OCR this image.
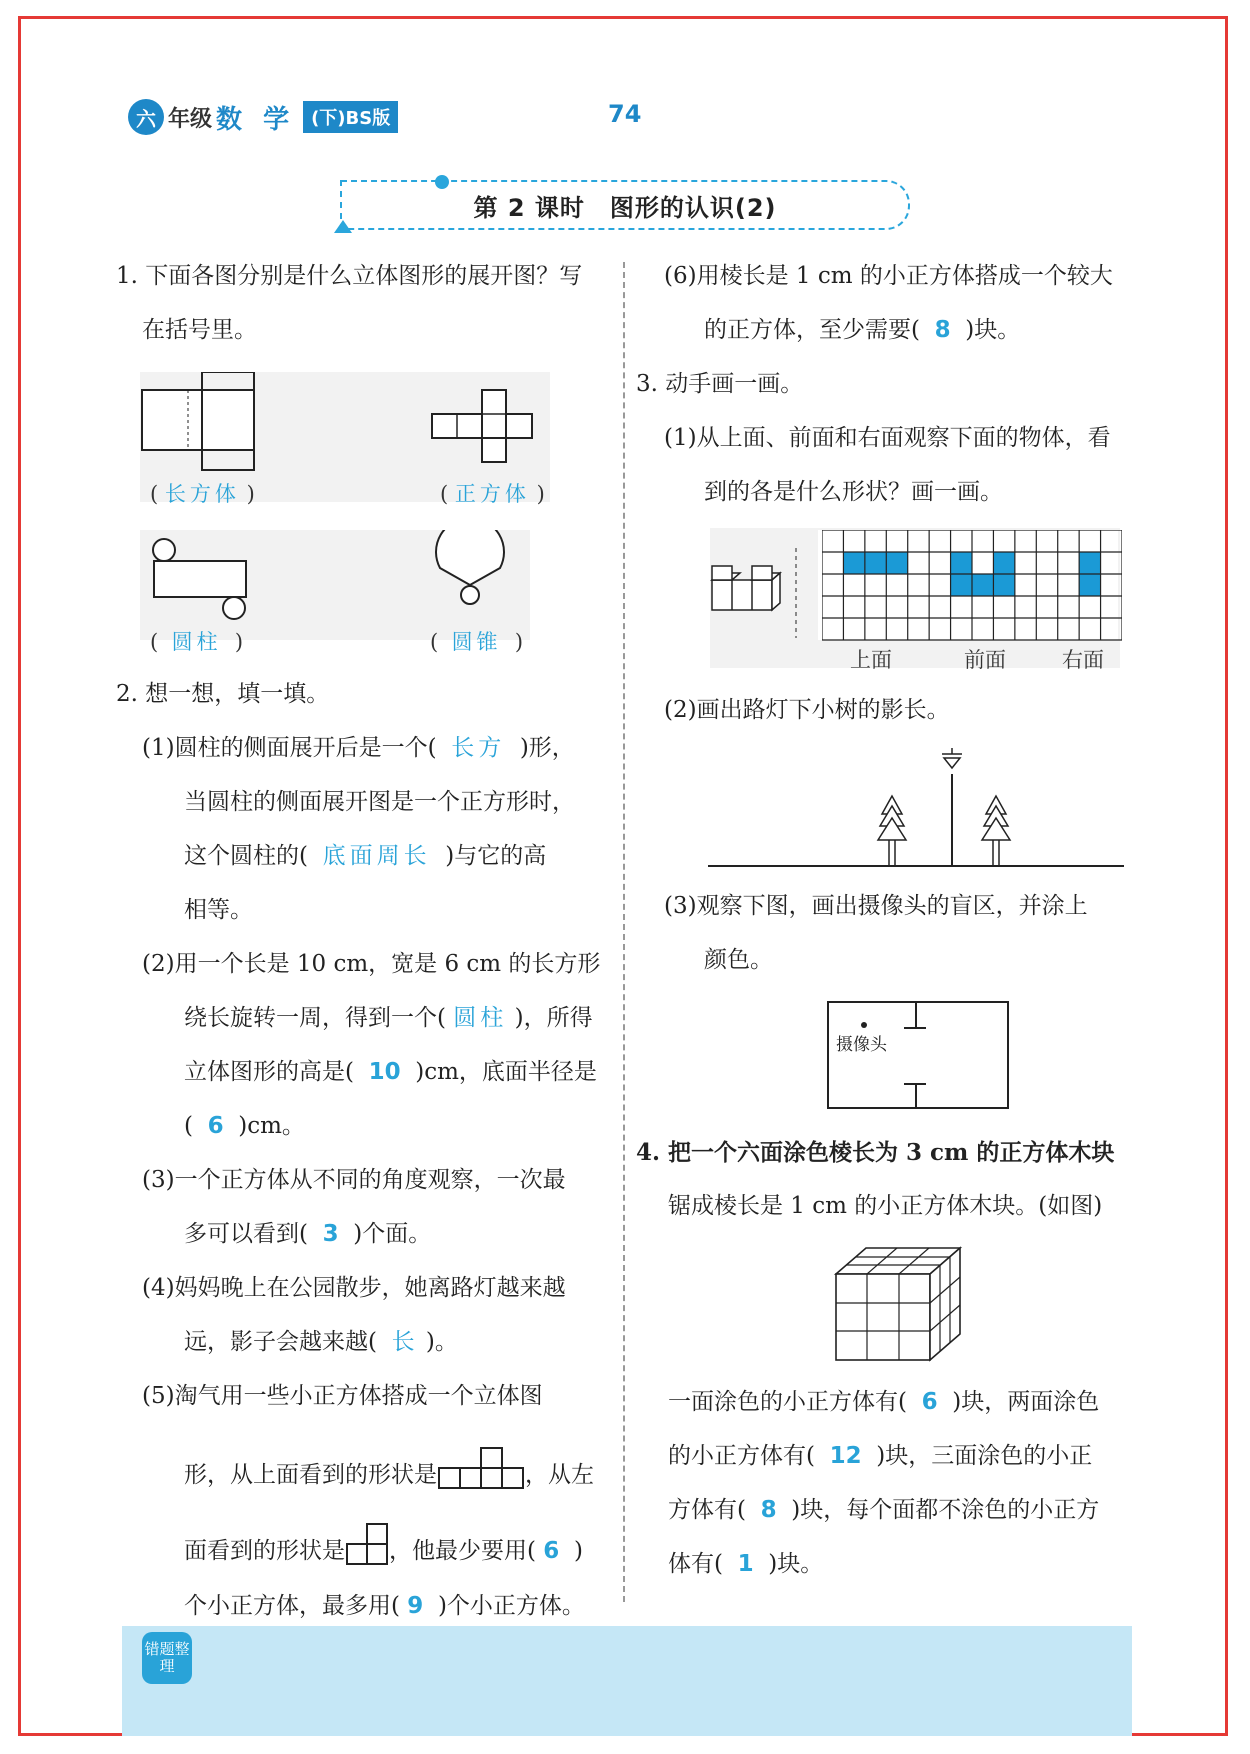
六 年级 数 学 (下)BS版	74
第 2 课时　图形的认识(2)
1. 下面各图分别是什么立体图形的展开图？写
在括号里。
( 长方体 )	( 正方体 )
( 圆柱 )	( 圆锥 )
2. 想一想，填一填。
(1)圆柱的侧面展开后是一个( 长方 )形，
当圆柱的侧面展开图是一个正方形时，
这个圆柱的( 底面周长 )与它的高
相等。
(2)用一个长是 10 cm，宽是 6 cm 的长方形
绕长旋转一周，得到一个( 圆柱 )，所得
立体图形的高是( 10 )cm，底面半径是
( 6 )cm。
(3)一个正方体从不同的角度观察，一次最
多可以看到( 3 )个面。
(4)妈妈晚上在公园散步，她离路灯越来越
远，影子会越来越( 长 )。
(5)淘气用一些小正方体搭成一个立体图
形，从上面看到的形状是	，从左
面看到的形状是 ，他最少要用( 6 )
个小正方体，最多用( 9 )个小正方体。
(6)用棱长是 1 cm 的小正方体搭成一个较大
的正方体，至少需要( 8 )块。
3. 动手画一画。
(1)从上面、前面和右面观察下面的物体，看
到的各是什么形状？画一画。
上面	前面	右面
(2)画出路灯下小树的影长。
(3)观察下图，画出摄像头的盲区，并涂上
颜色。
摄像头
4. 把一个六面涂色棱长为 3 cm 的正方体木块
锯成棱长是 1 cm 的小正方体木块。(如图)
一面涂色的小正方体有( 6 )块，两面涂色
的小正方体有( 12 )块，三面涂色的小正
方体有( 8 )块，每个面都不涂色的小正方
体有( 1 )块。
错题整理
